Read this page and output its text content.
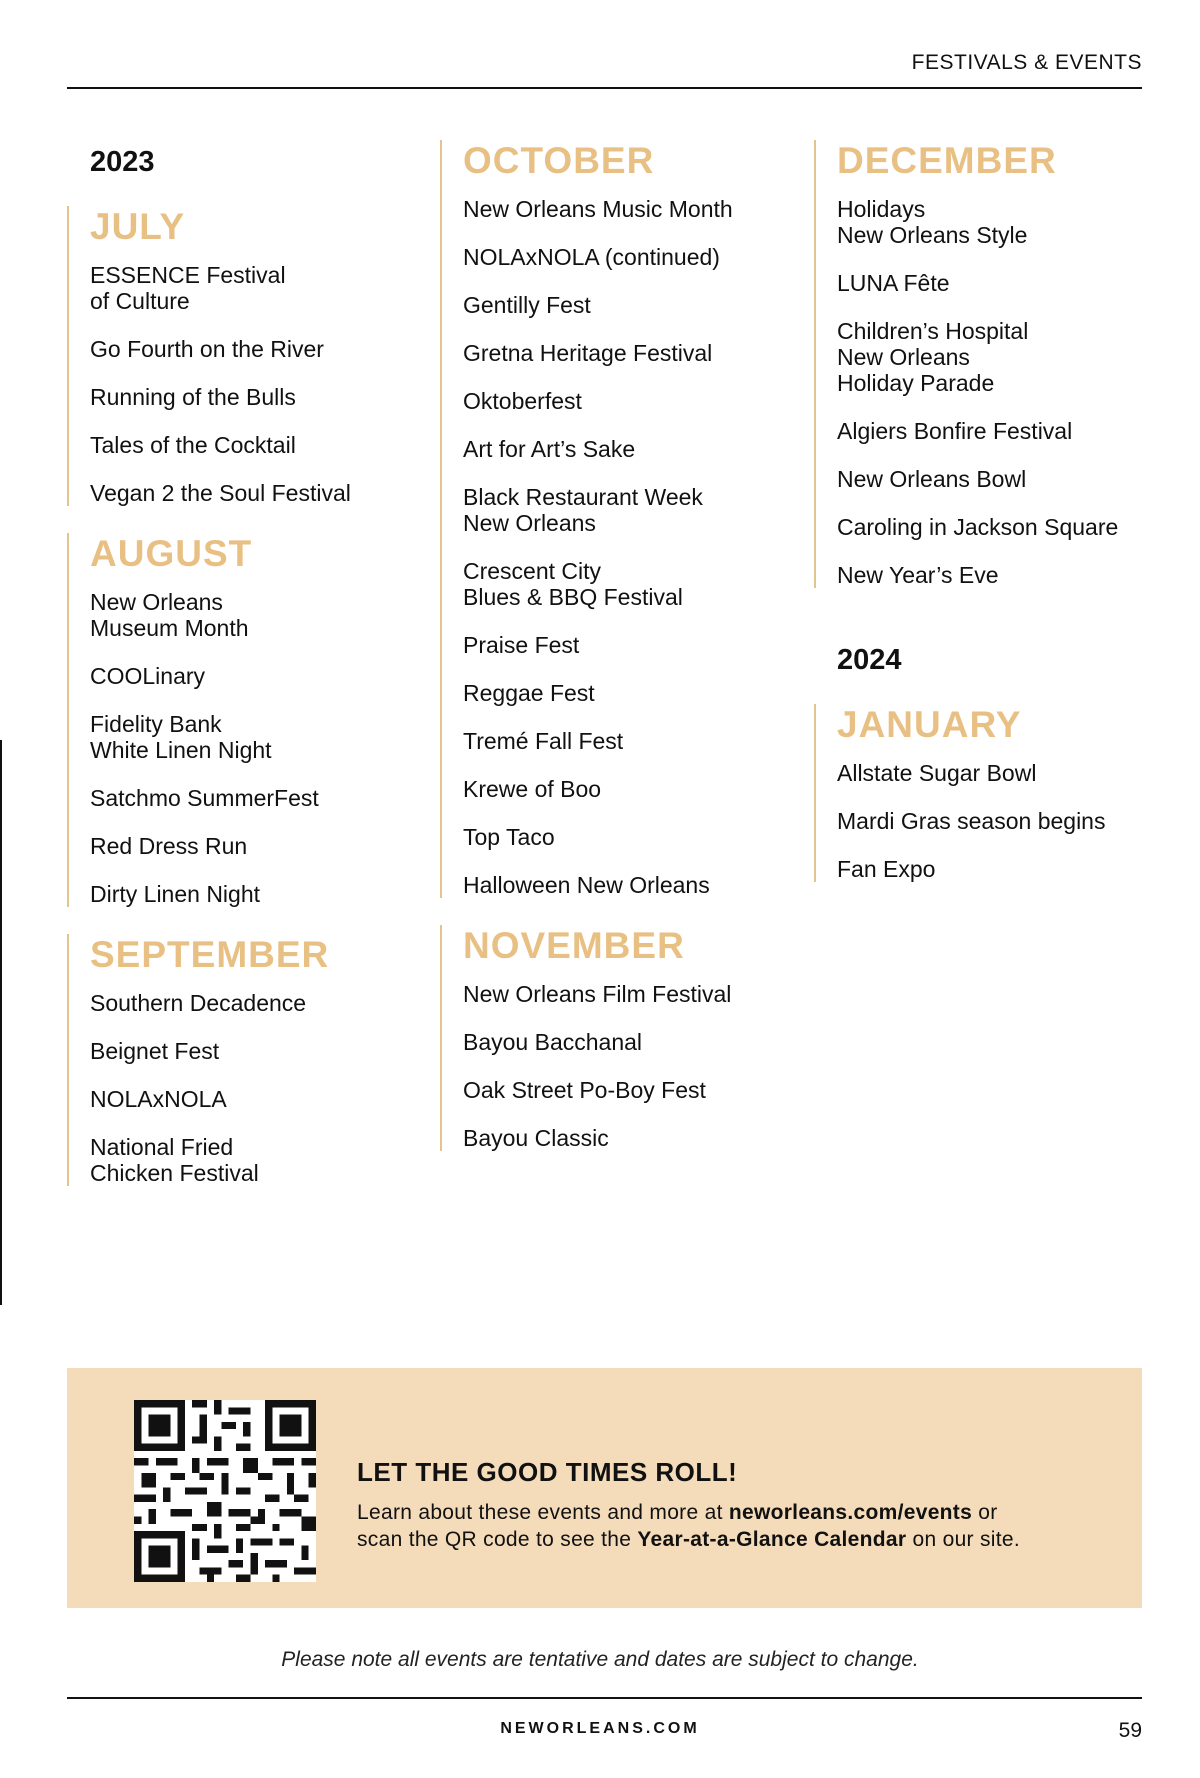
FESTIVALS & EVENTS
2023
JULY
ESSENCE Festival
of Culture
Go Fourth on the River
Running of the Bulls
Tales of the Cocktail
Vegan 2 the Soul Festival
AUGUST
New Orleans
Museum Month
COOLinary
Fidelity Bank
White Linen Night
Satchmo SummerFest
Red Dress Run
Dirty Linen Night
SEPTEMBER
Southern Decadence
Beignet Fest
NOLAxNOLA
National Fried
Chicken Festival
OCTOBER
New Orleans Music Month
NOLAxNOLA (continued)
Gentilly Fest
Gretna Heritage Festival
Oktoberfest
Art for Art’s Sake
Black Restaurant Week
New Orleans
Crescent City
Blues & BBQ Festival
Praise Fest
Reggae Fest
Tremé Fall Fest
Krewe of Boo
Top Taco
Halloween New Orleans
NOVEMBER
New Orleans Film Festival
Bayou Bacchanal
Oak Street Po-Boy Fest
Bayou Classic
DECEMBER
Holidays
New Orleans Style
LUNA Fête
Children’s Hospital
New Orleans
Holiday Parade
Algiers Bonfire Festival
New Orleans Bowl
Caroling in Jackson Square
New Year’s Eve
2024
JANUARY
Allstate Sugar Bowl
Mardi Gras season begins
Fan Expo
LET THE GOOD TIMES ROLL!
Learn about these events and more at neworleans.com/events or
scan the QR code to see the Year-at-a-Glance Calendar on our site.
Please note all events are tentative and dates are subject to change.
NEWORLEANS.COM	59
